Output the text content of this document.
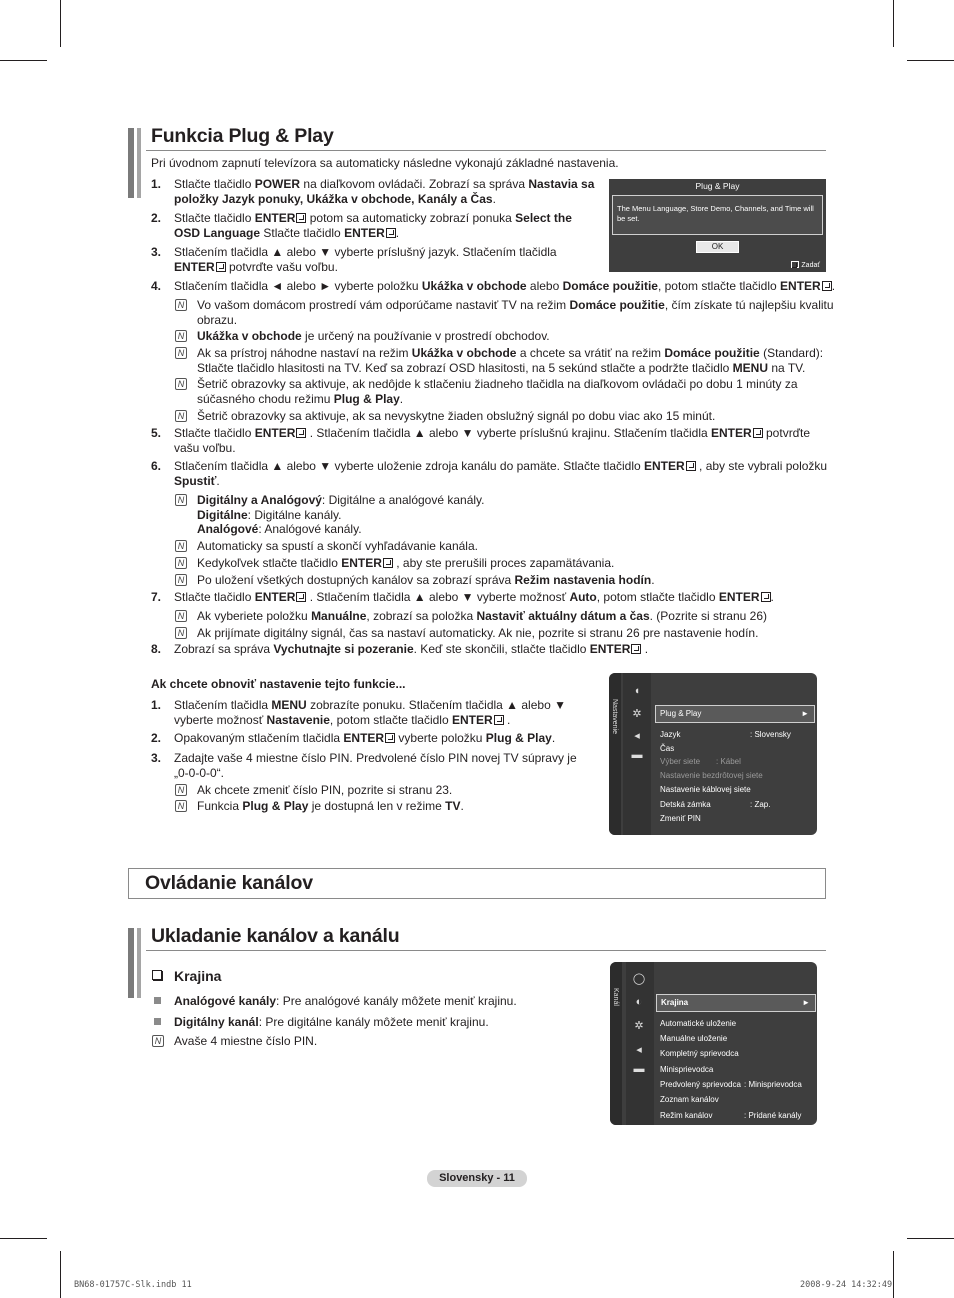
Funkcia Plug & Play
Pri úvodnom zapnutí televízora sa automaticky následne vykonajú základné nastavenia.
1. Stlačte tlačidlo POWER na diaľkovom ovládači. Zobrazí sa správa Nastavia sa
položky Jazyk ponuky, Ukážka v obchode, Kanály a Čas.
2. Stlačte tlačidlo ENTER potom sa automaticky zobrazí ponuka Select the
OSD Language Stlačte tlačidlo ENTER .
3. Stlačením tlačidla ▲ alebo ▼ vyberte príslušný jazyk. Stlačením tlačidla
ENTER potvrďte vašu voľbu.
Plug & Play
The Menu Language, Store Demo, Channels, and Time will be set.
OK
Zadať
4. Stlačením tlačidla ◄ alebo ► vyberte položku Ukážka v obchode alebo Domáce použitie, potom stlačte tlačidlo ENTER .
N Vo vašom domácom prostredí vám odporúčame nastaviť TV na režim Domáce použitie, čím získate tú najlepšiu kvalitu
obrazu.
N Ukážka v obchode je určený na používanie v prostredí obchodov.
N Ak sa prístroj náhodne nastaví na režim Ukážka v obchode a chcete sa vrátiť na režim Domáce použitie (Standard):
Stlačte tlačidlo hlasitosti na TV. Keď sa zobrazí OSD hlasitosti, na 5 sekúnd stlačte a podržte tlačidlo MENU na TV.
N Šetrič obrazovky sa aktivuje, ak nedôjde k stlačeniu žiadneho tlačidla na diaľkovom ovládači po dobu 1 minúty za
súčasného chodu režimu Plug & Play.
N Šetrič obrazovky sa aktivuje, ak sa nevyskytne žiaden obslužný signál po dobu viac ako 15 minút.
5. Stlačte tlačidlo ENTER . Stlačením tlačidla ▲ alebo ▼ vyberte príslušnú krajinu. Stlačením tlačidla ENTER potvrďte
vašu voľbu.
6. Stlačením tlačidla ▲ alebo ▼ vyberte uloženie zdroja kanálu do pamäte. Stlačte tlačidlo ENTER , aby ste vybrali položku
Spustiť.
N Digitálny a Analógový: Digitálne a analógové kanály.
Digitálne: Digitálne kanály.
Analógové: Analógové kanály.
N Automaticky sa spustí a skončí vyhľadávanie kanála.
N Kedykoľvek stlačte tlačidlo ENTER , aby ste prerušili proces zapamätávania.
N Po uložení všetkých dostupných kanálov sa zobrazí správa Režim nastavenia hodín.
7. Stlačte tlačidlo ENTER . Stlačením tlačidla ▲ alebo ▼ vyberte možnosť Auto, potom stlačte tlačidlo ENTER .
N Ak vyberiete položku Manuálne, zobrazí sa položka Nastaviť aktuálny dátum a čas. (Pozrite si stranu 26)
N Ak prijímate digitálny signál, čas sa nastaví automaticky. Ak nie, pozrite si stranu 26 pre nastavenie hodín.
8. Zobrazí sa správa Vychutnajte si pozeranie. Keď ste skončili, stlačte tlačidlo ENTER .
Ak chcete obnoviť nastavenie tejto funkcie...
1. Stlačením tlačidla MENU zobrazíte ponuku. Stlačením tlačidla ▲ alebo ▼
vyberte možnosť Nastavenie, potom stlačte tlačidlo ENTER .
2. Opakovaným stlačením tlačidla ENTER vyberte položku Plug & Play.
3. Zadajte vaše 4 miestne číslo PIN. Predvolené číslo PIN novej TV súpravy je
„0-0-0-0“.
N Ak chcete zmeniť číslo PIN, pozrite si stranu 23.
N Funkcia Plug & Play je dostupná len v režime TV.
Nastavenie
◖
✲
◂
▬
Plug & Play	►
Jazyk	: Slovensky
Čas
Výber siete : Kábel
Nastavenie bezdrôtovej siete
Nastavenie káblovej siete
Detská zámka	: Zap.
Zmeniť PIN
Ovládanie kanálov
Ukladanie kanálov a kanálu
Krajina
Analógové kanály: Pre analógové kanály môžete meniť krajinu.
Digitálny kanál: Pre digitálne kanály môžete meniť krajinu.
N Avaše 4 miestne číslo PIN.
Kanál
◯
◐
✲
◂
▬
Krajina	►
Automatické uloženie
Manuálne uloženie
Kompletný sprievodca
Minisprievodca
Predvolený sprievodca : Minisprievodca
Zoznam kanálov
Režim kanálov	: Pridané kanály
Slovensky - 11
BN68-01757C-Slk.indb 11	2008-9-24 14:32:49
